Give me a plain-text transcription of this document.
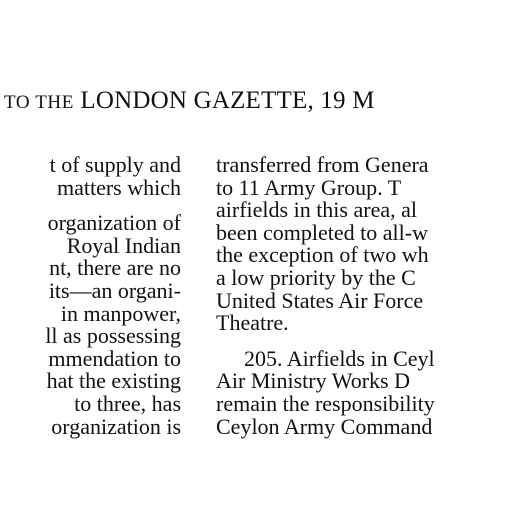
TO THE LONDON GAZETTE, 19 M
t of supply and
matters which
organization of
Royal Indian
nt, there are no
its—an organi-
in manpower,
ll as possessing
mmendation to
hat the existing
to three, has
organization is
transferred from Genera
to 11 Army Group. T
airfields in this area, al
been completed to all-w
the exception of two wh
a low priority by the C
United States Air Force
Theatre.
205. Airfields in Ceyl
Air Ministry Works D
remain the responsibility
Ceylon Army Command
